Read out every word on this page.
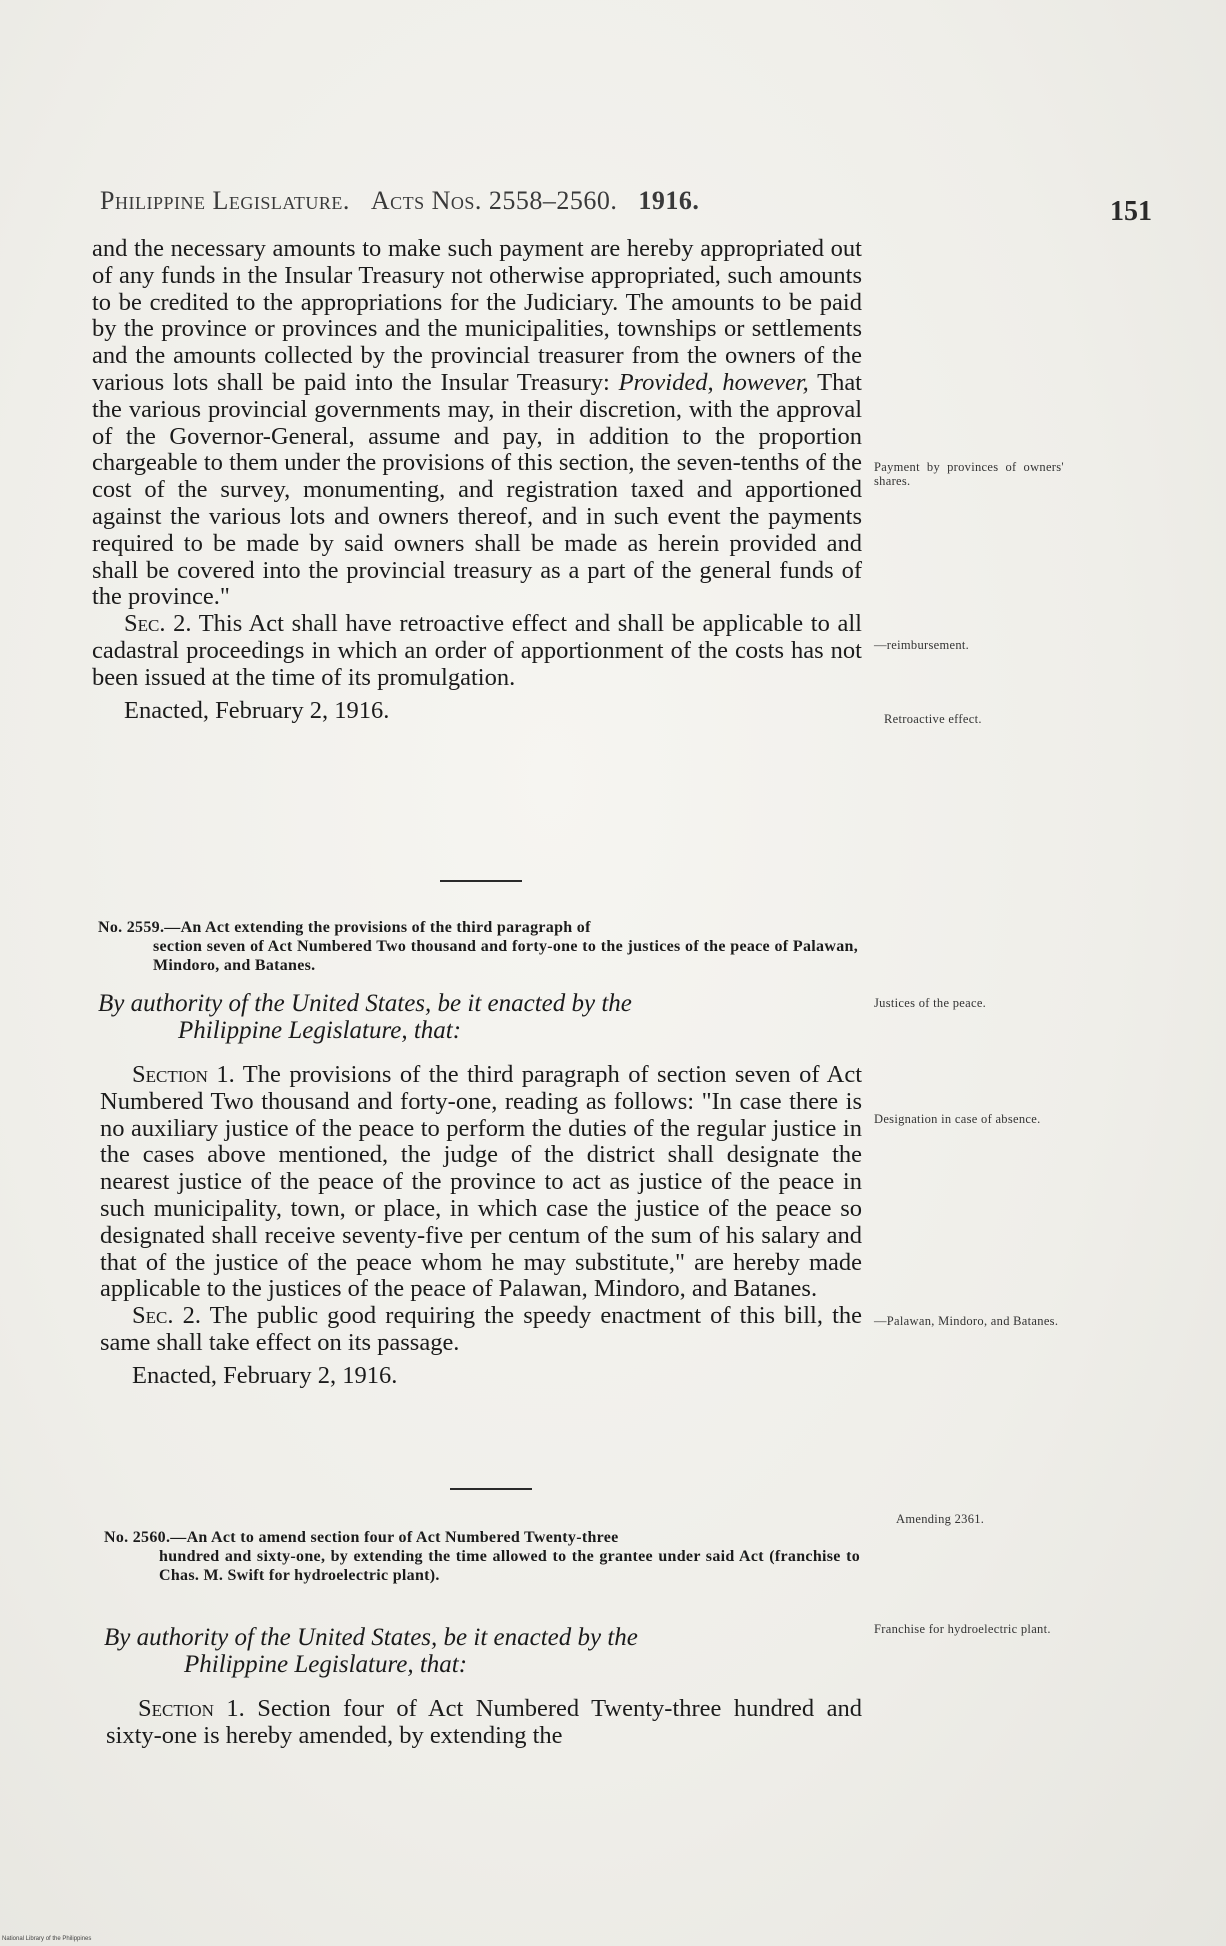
Philippine Legislature. Acts Nos. 2558–2560. 1916.	151

and the necessary amounts to make such payment are hereby appropriated out of any funds in the Insular Treasury not otherwise appropriated, such amounts to be credited to the appropriations for the Judiciary. The amounts to be paid by the province or provinces and the municipalities, townships or settlements and the amounts collected by the provincial treasurer from the owners of the various lots shall be paid into the Insular Treasury: Provided, however, That the various provincial governments may, in their discretion, with the approval of the Governor-General, assume and pay, in addition to the proportion chargeable to them under the provisions of this section, the seven-tenths of the cost of the survey, monumenting, and registration taxed and apportioned against the various lots and owners thereof, and in such event the payments required to be made by said owners shall be made as herein provided and shall be covered into the provincial treasury as a part of the general funds of the province."

Sec. 2. This Act shall have retroactive effect and shall be applicable to all cadastral proceedings in which an order of apportionment of the costs has not been issued at the time of its promulgation.

Enacted, February 2, 1916.

No. 2559.—An Act extending the provisions of the third paragraph of
section seven of Act Numbered Two thousand and forty-one to the justices of the peace of Palawan, Mindoro, and Batanes.
By authority of the United States, be it enacted by the
Philippine Legislature, that:

Section 1. The provisions of the third paragraph of section seven of Act Numbered Two thousand and forty-one, reading as follows: "In case there is no auxiliary justice of the peace to perform the duties of the regular justice in the cases above mentioned, the judge of the district shall designate the nearest justice of the peace of the province to act as justice of the peace in such municipality, town, or place, in which case the justice of the peace so designated shall receive seventy-five per centum of the sum of his salary and that of the justice of the peace whom he may substitute," are hereby made applicable to the justices of the peace of Palawan, Mindoro, and Batanes.

Sec. 2. The public good requiring the speedy enactment of this bill, the same shall take effect on its passage.

Enacted, February 2, 1916.

No. 2560.—An Act to amend section four of Act Numbered Twenty-three
hundred and sixty-one, by extending the time allowed to the grantee under said Act (franchise to Chas. M. Swift for hydroelectric plant).
By authority of the United States, be it enacted by the
Philippine Legislature, that:

Section 1. Section four of Act Numbered Twenty-three hundred and sixty-one is hereby amended, by extending the

Payment by provinces of owners' shares.
—reimbursement.
Retroactive effect.
Justices of the peace.
Designation in case of absence.
—Palawan, Mindoro, and Batanes.
Amending 2361.
Franchise for hydroelectric plant.
National Library of the Philippines
